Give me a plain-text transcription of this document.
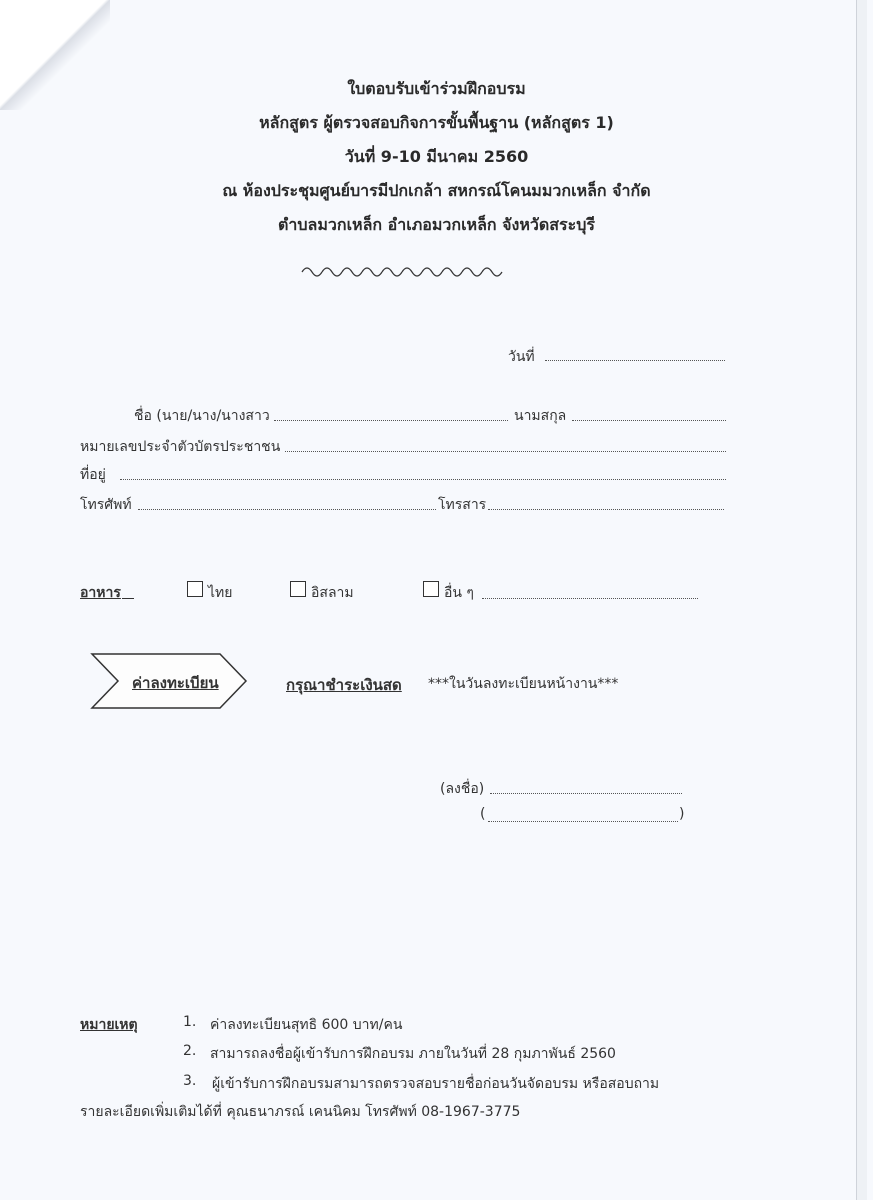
ใบตอบรับเข้าร่วมฝึกอบรม
หลักสูตร ผู้ตรวจสอบกิจการขั้นพื้นฐาน (หลักสูตร 1)
วันที่ 9-10 มีนาคม 2560
ณ ห้องประชุมศูนย์บารมีปกเกล้า สหกรณ์โคนมมวกเหล็ก จำกัด
ตำบลมวกเหล็ก อำเภอมวกเหล็ก จังหวัดสระบุรี
วันที่
ชื่อ (นาย/นาง/นางสาว	นามสกุล
หมายเลขประจำตัวบัตรประชาชน
ที่อยู่
โทรศัพท์	โทรสาร
อาหาร	ไทย	อิสลาม	อื่น ๆ
ค่าลงทะเบียน	กรุณาชำระเงินสด ***ในวันลงทะเบียนหน้างาน***
(ลงชื่อ)
(	)
หมายเหตุ	1. ค่าลงทะเบียนสุทธิ 600 บาท/คน
2. สามารถลงชื่อผู้เข้ารับการฝึกอบรม ภายในวันที่ 28 กุมภาพันธ์ 2560
3. ผู้เข้ารับการฝึกอบรมสามารถตรวจสอบรายชื่อก่อนวันจัดอบรม หรือสอบถาม
รายละเอียดเพิ่มเติมได้ที่ คุณธนาภรณ์ เคนนิคม โทรศัพท์ 08-1967-3775
